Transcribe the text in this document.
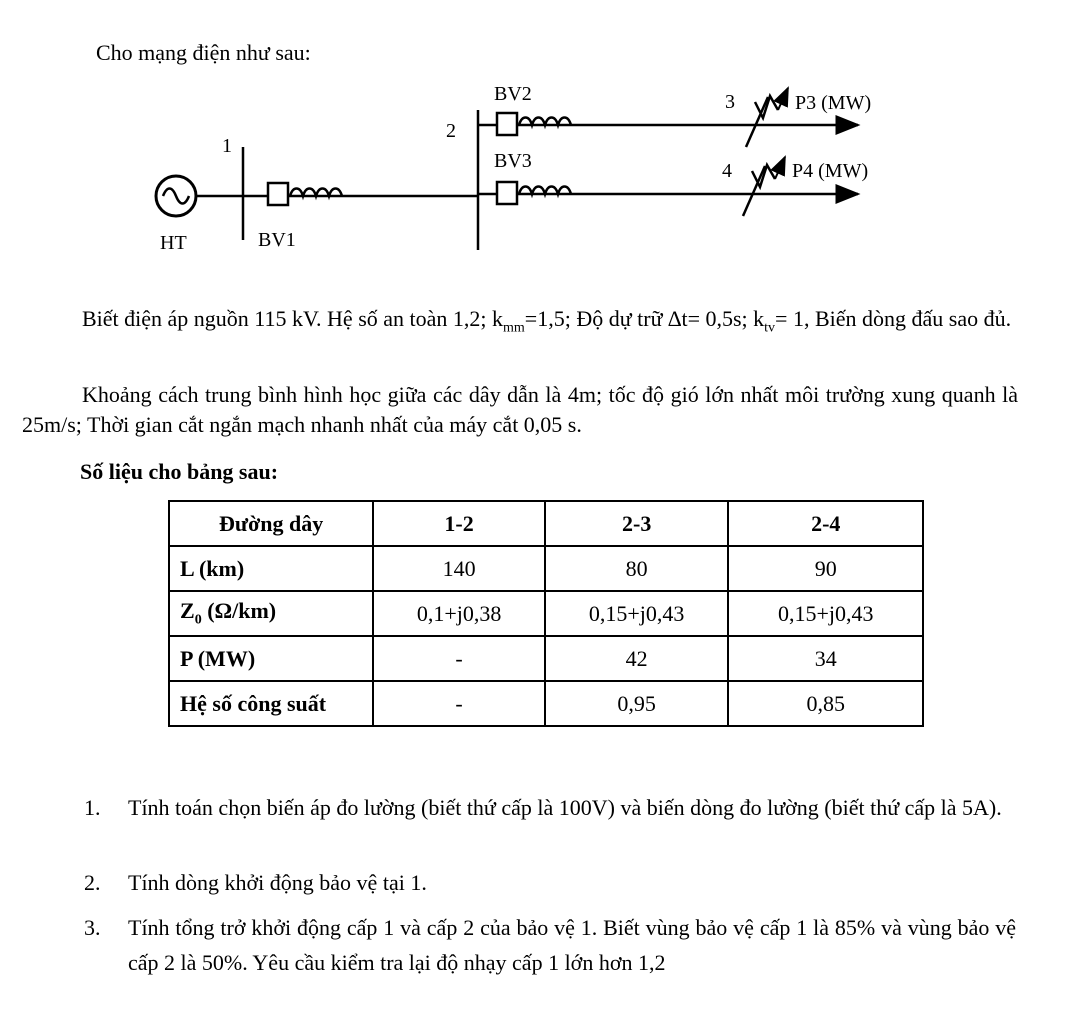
Cho mạng điện như sau:
1
HT	BV1
2
BV2	3	P3 (MW)
BV3	4	P4 (MW)
Biết điện áp nguồn 115 kV. Hệ số an toàn 1,2; $k_{mm}=1,5$; Độ dự trữ ∆t= 0,5s; $k_{tv}= 1$, Biến dòng đấu sao đủ.
Khoảng cách trung bình hình học giữa các dây dẫn là 4m; tốc độ gió lớn nhất môi trường xung quanh là 25m/s; Thời gian cắt ngắn mạch nhanh nhất của máy cắt 0,05 s.
Số liệu cho bảng sau:
Đường dây	1-2	2-3	2-4
L (km)	140	80	90
$Z_0$ (Ω/km)	0,1+j0,38	0,15+j0,43	0,15+j0,43
P (MW)	-	42	34
Hệ số công suất	-	0,95	0,85
1. Tính toán chọn biến áp đo lường (biết thứ cấp là 100V) và biến dòng đo lường (biết thứ cấp là 5A).
2. Tính dòng khởi động bảo vệ tại 1.
3. Tính tổng trở khởi động cấp 1 và cấp 2 của bảo vệ 1. Biết vùng bảo vệ cấp 1 là 85% và vùng bảo vệ cấp 2 là 50%. Yêu cầu kiểm tra lại độ nhạy cấp 1 lớn hơn 1,2
